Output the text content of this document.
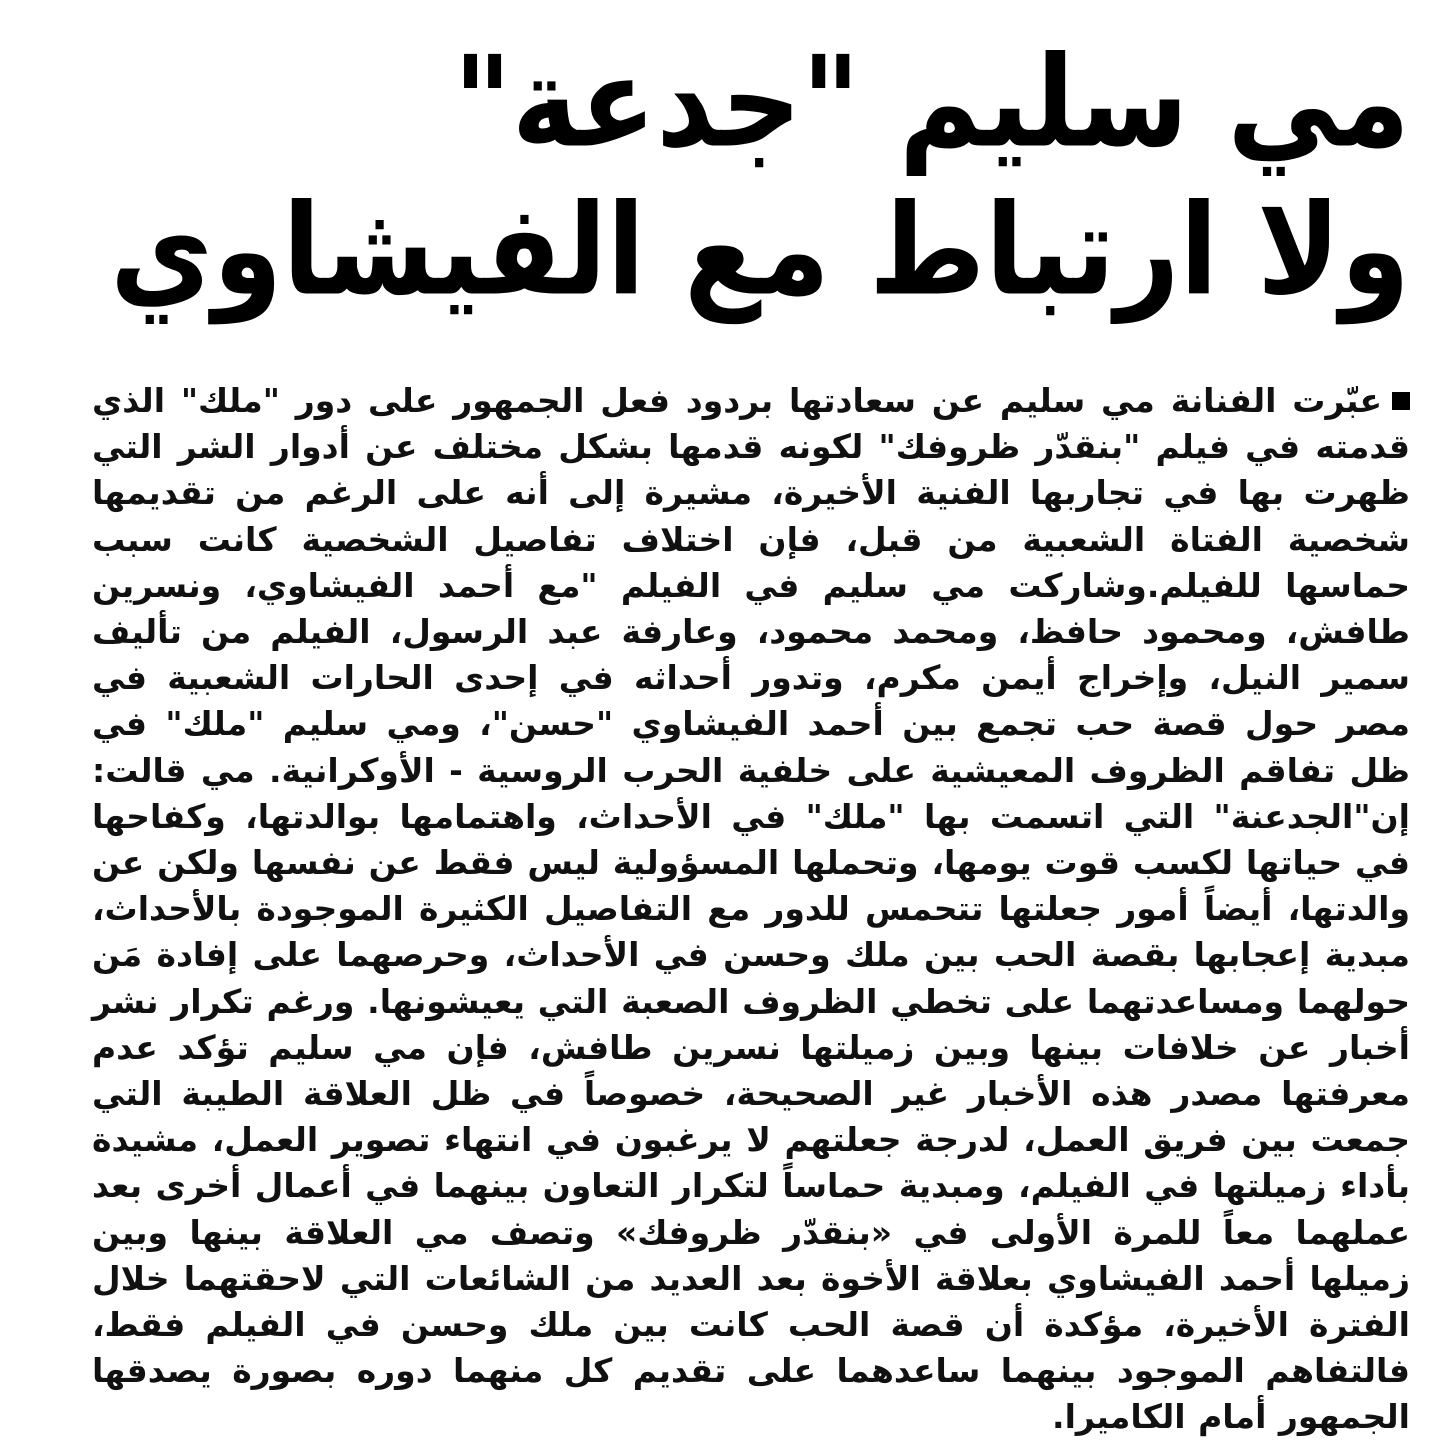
مي سليم "جدعة"
ولا ارتباط مع الفيشاوي
عبّرت الفنانة مي سليم عن سعادتها بردود فعل الجمهور على دور "ملك" الذي قدمته في فيلم "بنقدّر ظروفك" لكونه قدمها بشكل مختلف عن أدوار الشر التي ظهرت بها في تجاربها الفنية الأخيرة، مشيرة إلى أنه على الرغم من تقديمها شخصية الفتاة الشعبية من قبل، فإن اختلاف تفاصيل الشخصية كانت سبب حماسها للفيلم.وشاركت مي سليم في الفيلم "مع أحمد الفيشاوي، ونسرين طافش، ومحمود حافظ، ومحمد محمود، وعارفة عبد الرسول، الفيلم من تأليف سمير النيل، وإخراج أيمن مكرم، وتدور أحداثه في إحدى الحارات الشعبية في مصر حول قصة حب تجمع بين أحمد الفيشاوي "حسن"، ومي سليم "ملك" في ظل تفاقم الظروف المعيشية على خلفية الحرب الروسية - الأوكرانية. مي قالت: إن"الجدعنة" التي اتسمت بها "ملك" في الأحداث، واهتمامها بوالدتها، وكفاحها في حياتها لكسب قوت يومها، وتحملها المسؤولية ليس فقط عن نفسها ولكن عن والدتها، أيضاً أمور جعلتها تتحمس للدور مع التفاصيل الكثيرة الموجودة بالأحداث، مبدية إعجابها بقصة الحب بين ملك وحسن في الأحداث، وحرصهما على إفادة مَن حولهما ومساعدتهما على تخطي الظروف الصعبة التي يعيشونها. ورغم تكرار نشر أخبار عن خلافات بينها وبين زميلتها نسرين طافش، فإن مي سليم تؤكد عدم معرفتها مصدر هذه الأخبار غير الصحيحة، خصوصاً في ظل العلاقة الطيبة التي جمعت بين فريق العمل، لدرجة جعلتهم لا يرغبون في انتهاء تصوير العمل، مشيدة بأداء زميلتها في الفيلم، ومبدية حماساً لتكرار التعاون بينهما في أعمال أخرى بعد عملهما معاً للمرة الأولى في «بنقدّر ظروفك» وتصف مي العلاقة بينها وبين زميلها أحمد الفيشاوي بعلاقة الأخوة بعد العديد من الشائعات التي لاحقتهما خلال الفترة الأخيرة، مؤكدة أن قصة الحب كانت بين ملك وحسن في الفيلم فقط، فالتفاهم الموجود بينهما ساعدهما على تقديم كل منهما دوره بصورة يصدقها الجمهور أمام الكاميرا.
